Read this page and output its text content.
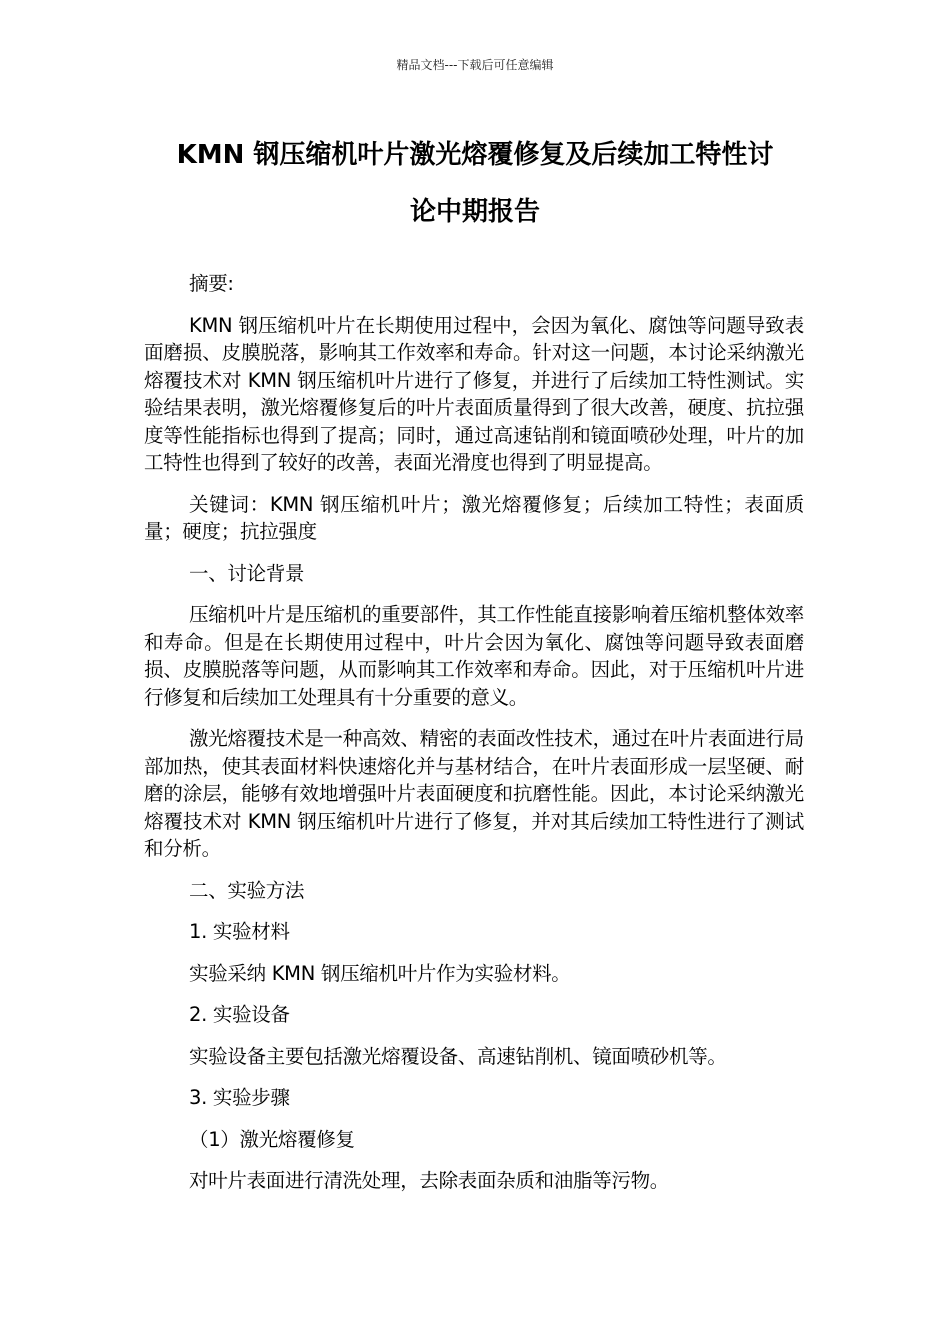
精品文档---下载后可任意编辑
KMN 钢压缩机叶片激光熔覆修复及后续加工特性讨
论中期报告

摘要:

KMN 钢压缩机叶片在长期使用过程中，会因为氧化、腐蚀等问题导致表面磨损、皮膜脱落，影响其工作效率和寿命。针对这一问题，本讨论采纳激光熔覆技术对 KMN 钢压缩机叶片进行了修复，并进行了后续加工特性测试。实验结果表明，激光熔覆修复后的叶片表面质量得到了很大改善，硬度、抗拉强度等性能指标也得到了提高；同时，通过高速钻削和镜面喷砂处理，叶片的加工特性也得到了较好的改善，表面光滑度也得到了明显提高。

关键词：KMN 钢压缩机叶片；激光熔覆修复；后续加工特性；表面质量；硬度；抗拉强度

一、讨论背景

压缩机叶片是压缩机的重要部件，其工作性能直接影响着压缩机整体效率和寿命。但是在长期使用过程中，叶片会因为氧化、腐蚀等问题导致表面磨损、皮膜脱落等问题，从而影响其工作效率和寿命。因此，对于压缩机叶片进行修复和后续加工处理具有十分重要的意义。

激光熔覆技术是一种高效、精密的表面改性技术，通过在叶片表面进行局部加热，使其表面材料快速熔化并与基材结合，在叶片表面形成一层坚硬、耐磨的涂层，能够有效地增强叶片表面硬度和抗磨性能。因此，本讨论采纳激光熔覆技术对 KMN 钢压缩机叶片进行了修复，并对其后续加工特性进行了测试和分析。

二、实验方法

1. 实验材料

实验采纳 KMN 钢压缩机叶片作为实验材料。

2. 实验设备

实验设备主要包括激光熔覆设备、高速钻削机、镜面喷砂机等。

3. 实验步骤

（1）激光熔覆修复

对叶片表面进行清洗处理，去除表面杂质和油脂等污物。
